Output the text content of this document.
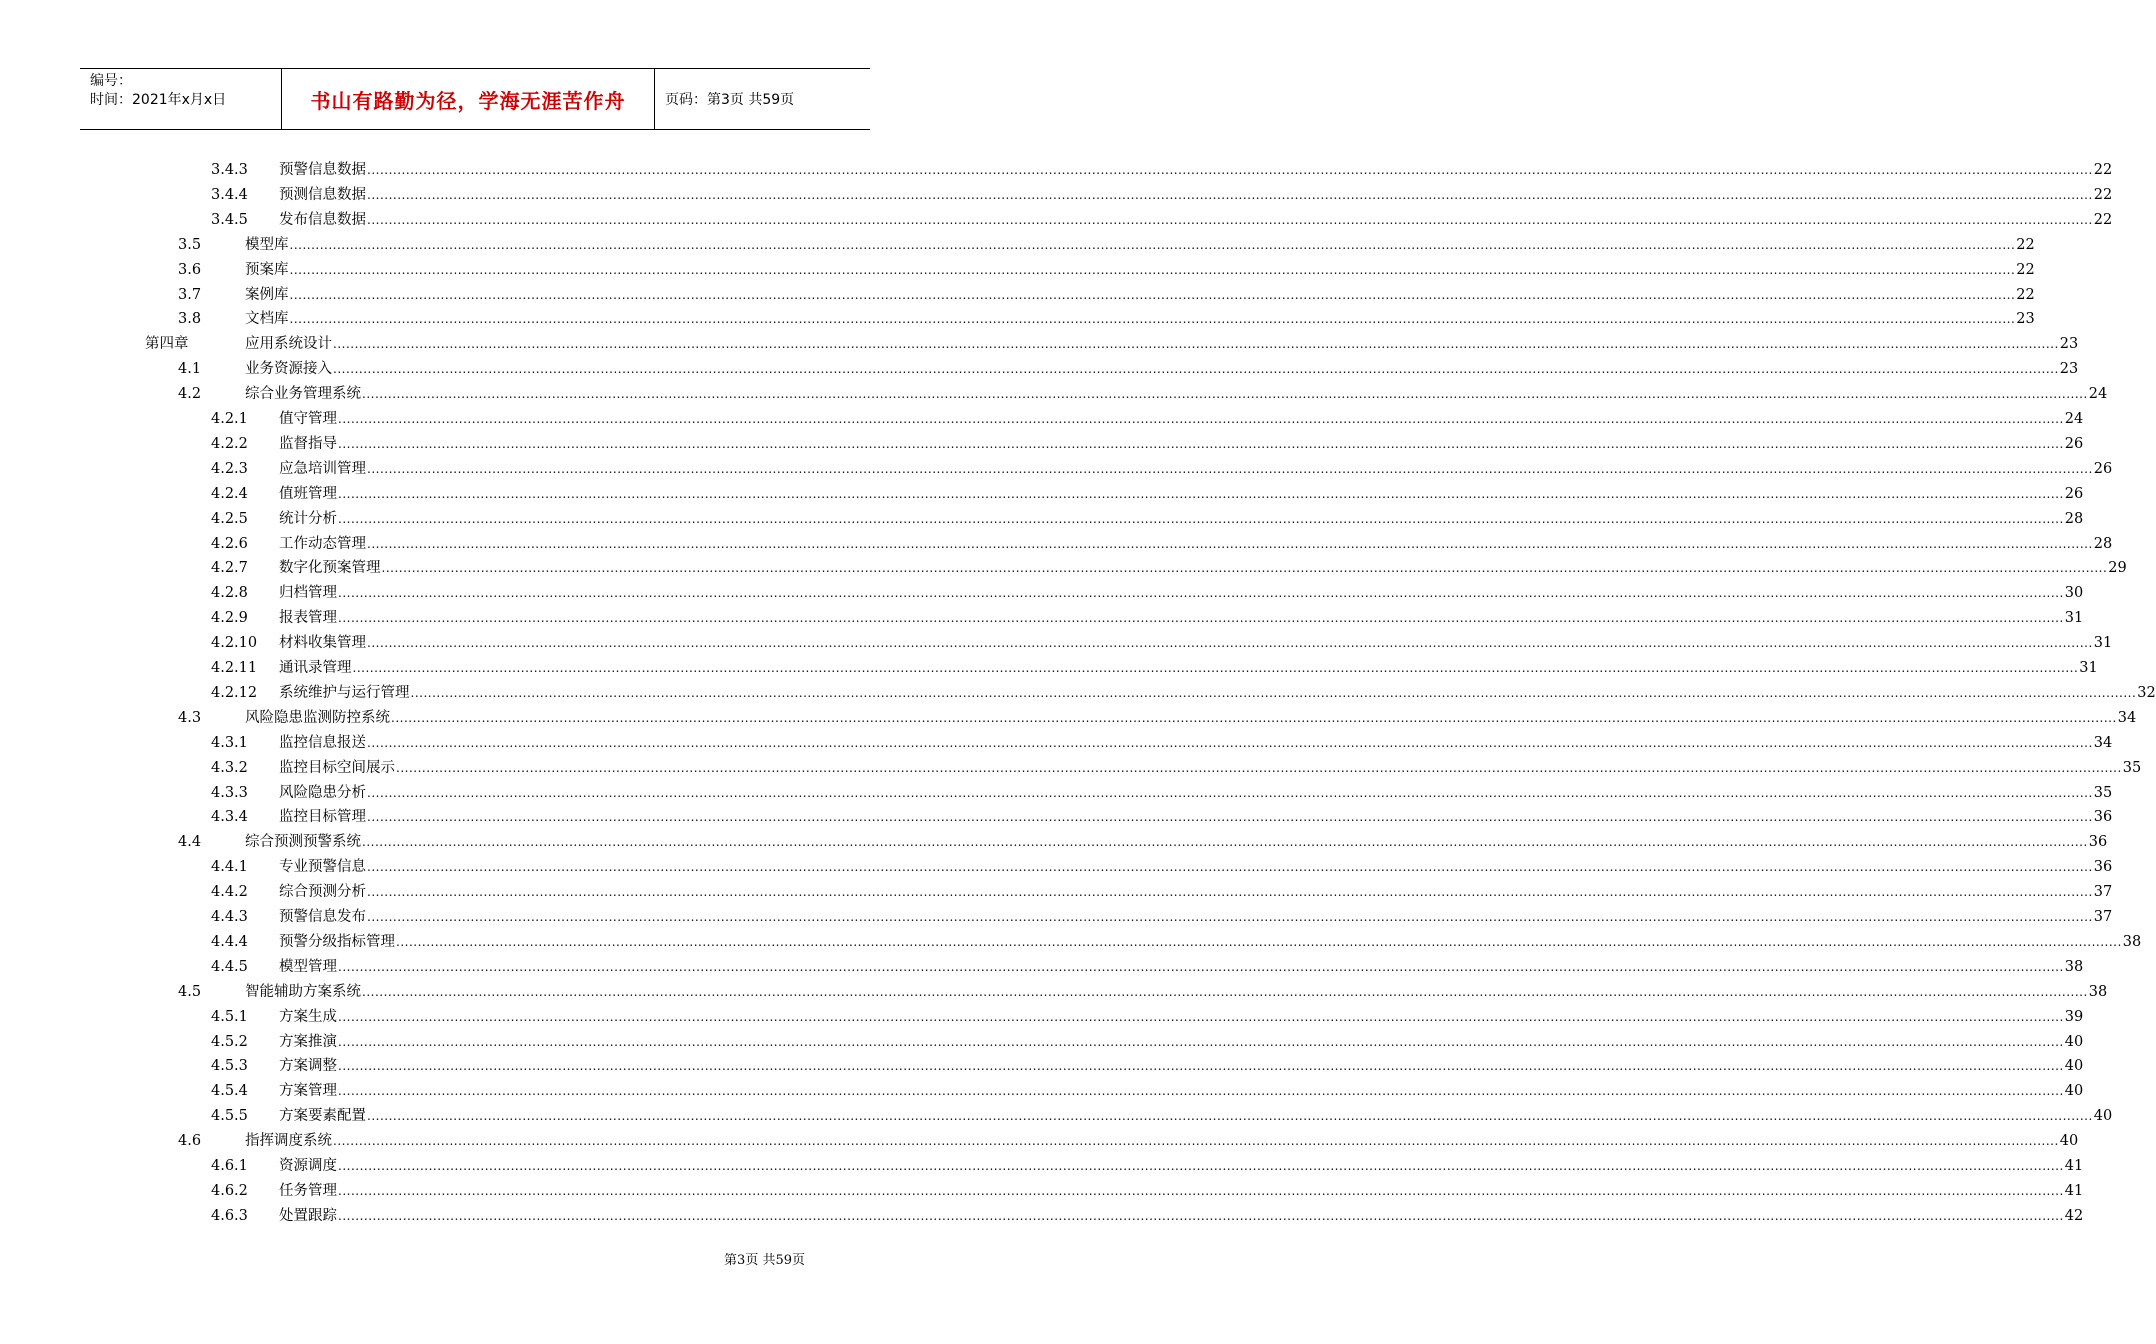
编号：
时间：2021年x月x日	书山有路勤为径，学海无涯苦作舟	页码：第3页 共59页
3.4.3 预警信息数据 ................................................................................................................................................................................................................................................................................................................................................................................................................ 22
3.4.4 预测信息数据 ................................................................................................................................................................................................................................................................................................................................................................................................................ 22
3.4.5 发布信息数据 ................................................................................................................................................................................................................................................................................................................................................................................................................ 22
3.5	模型库 ................................................................................................................................................................................................................................................................................................................................................................................................................ 22
3.6	预案库 ................................................................................................................................................................................................................................................................................................................................................................................................................ 22
3.7	案例库 ................................................................................................................................................................................................................................................................................................................................................................................................................ 22
3.8	文档库 ................................................................................................................................................................................................................................................................................................................................................................................................................ 23
第四章	应用系统设计 ................................................................................................................................................................................................................................................................................................................................................................................................................ 23
4.1	业务资源接入 ................................................................................................................................................................................................................................................................................................................................................................................................................ 23
4.2	综合业务管理系统 ................................................................................................................................................................................................................................................................................................................................................................................................................ 24
4.2.1 值守管理 ................................................................................................................................................................................................................................................................................................................................................................................................................ 24
4.2.2 监督指导 ................................................................................................................................................................................................................................................................................................................................................................................................................ 26
4.2.3 应急培训管理 ................................................................................................................................................................................................................................................................................................................................................................................................................ 26
4.2.4 值班管理 ................................................................................................................................................................................................................................................................................................................................................................................................................ 26
4.2.5 统计分析 ................................................................................................................................................................................................................................................................................................................................................................................................................ 28
4.2.6 工作动态管理 ................................................................................................................................................................................................................................................................................................................................................................................................................ 28
4.2.7 数字化预案管理 ................................................................................................................................................................................................................................................................................................................................................................................................................ 29
4.2.8 归档管理 ................................................................................................................................................................................................................................................................................................................................................................................................................ 30
4.2.9 报表管理 ................................................................................................................................................................................................................................................................................................................................................................................................................ 31
4.2.10 材料收集管理 ................................................................................................................................................................................................................................................................................................................................................................................................................ 31
4.2.11 通讯录管理 ................................................................................................................................................................................................................................................................................................................................................................................................................ 31
4.2.12 系统维护与运行管理 ................................................................................................................................................................................................................................................................................................................................................................................................................ 32
4.3	风险隐患监测防控系统 ................................................................................................................................................................................................................................................................................................................................................................................................................ 34
4.3.1 监控信息报送 ................................................................................................................................................................................................................................................................................................................................................................................................................ 34
4.3.2 监控目标空间展示 ................................................................................................................................................................................................................................................................................................................................................................................................................ 35
4.3.3 风险隐患分析 ................................................................................................................................................................................................................................................................................................................................................................................................................ 35
4.3.4 监控目标管理 ................................................................................................................................................................................................................................................................................................................................................................................................................ 36
4.4	综合预测预警系统 ................................................................................................................................................................................................................................................................................................................................................................................................................ 36
4.4.1 专业预警信息 ................................................................................................................................................................................................................................................................................................................................................................................................................ 36
4.4.2 综合预测分析 ................................................................................................................................................................................................................................................................................................................................................................................................................ 37
4.4.3 预警信息发布 ................................................................................................................................................................................................................................................................................................................................................................................................................ 37
4.4.4 预警分级指标管理 ................................................................................................................................................................................................................................................................................................................................................................................................................ 38
4.4.5 模型管理 ................................................................................................................................................................................................................................................................................................................................................................................................................ 38
4.5	智能辅助方案系统 ................................................................................................................................................................................................................................................................................................................................................................................................................ 38
4.5.1 方案生成 ................................................................................................................................................................................................................................................................................................................................................................................................................ 39
4.5.2 方案推演 ................................................................................................................................................................................................................................................................................................................................................................................................................ 40
4.5.3 方案调整 ................................................................................................................................................................................................................................................................................................................................................................................................................ 40
4.5.4 方案管理 ................................................................................................................................................................................................................................................................................................................................................................................................................ 40
4.5.5 方案要素配置 ................................................................................................................................................................................................................................................................................................................................................................................................................ 40
4.6	指挥调度系统 ................................................................................................................................................................................................................................................................................................................................................................................................................ 40
4.6.1 资源调度 ................................................................................................................................................................................................................................................................................................................................................................................................................ 41
4.6.2 任务管理 ................................................................................................................................................................................................................................................................................................................................................................................................................ 41
4.6.3 处置跟踪 ................................................................................................................................................................................................................................................................................................................................................................................................................ 42
第3页 共59页
